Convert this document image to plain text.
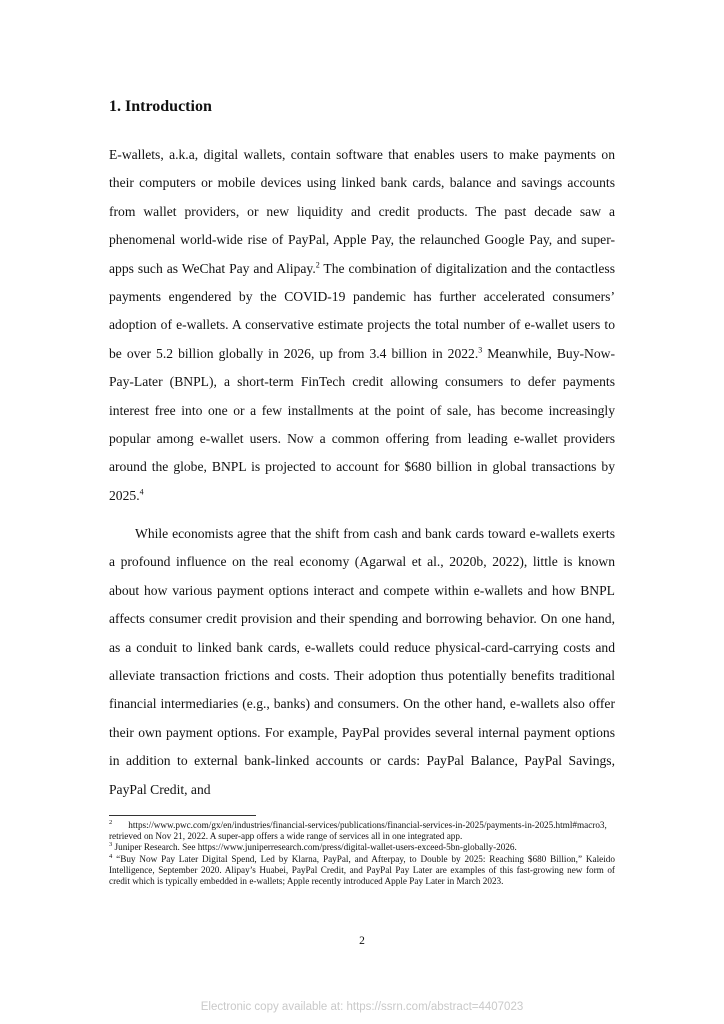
1. Introduction

E-wallets, a.k.a, digital wallets, contain software that enables users to make payments on their computers or mobile devices using linked bank cards, balance and savings accounts from wallet providers, or new liquidity and credit products. The past decade saw a phenomenal world-wide rise of PayPal, Apple Pay, the relaunched Google Pay, and super-apps such as WeChat Pay and Alipay.$^2$ The combination of digitalization and the contactless payments engendered by the COVID-19 pandemic has further accelerated consumers’ adoption of e-wallets. A conservative estimate projects the total number of e-wallet users to be over 5.2 billion globally in 2026, up from 3.4 billion in 2022.$^3$ Meanwhile, Buy-Now-Pay-Later (BNPL), a short-term FinTech credit allowing consumers to defer payments interest free into one or a few installments at the point of sale, has become increasingly popular among e-wallet users. Now a common offering from leading e-wallet providers around the globe, BNPL is projected to account for $680 billion in global transactions by 2025.$^4$

While economists agree that the shift from cash and bank cards toward e-wallets exerts a profound influence on the real economy (Agarwal et al., 2020b, 2022), little is known about how various payment options interact and compete within e-wallets and how BNPL affects consumer credit provision and their spending and borrowing behavior. On one hand, as a conduit to linked bank cards, e-wallets could reduce physical-card-carrying costs and alleviate transaction frictions and costs. Their adoption thus potentially benefits traditional financial intermediaries (e.g., banks) and consumers. On the other hand, e-wallets also offer their own payment options. For example, PayPal provides several internal payment options in addition to external bank-linked accounts or cards: PayPal Balance, PayPal Savings, PayPal Credit, and

$^2$ https://www.pwc.com/gx/en/industries/financial-services/publications/financial-services-in-2025/payments-in-2025.html#macro3, retrieved on Nov 21, 2022. A super-app offers a wide range of services all in one integrated app.

$^3$ Juniper Research. See https://www.juniperresearch.com/press/digital-wallet-users-exceed-5bn-globally-2026.

$^4$ “Buy Now Pay Later Digital Spend, Led by Klarna, PayPal, and Afterpay, to Double by 2025: Reaching $680 Billion,” Kaleido Intelligence, September 2020. Alipay’s Huabei, PayPal Credit, and PayPal Pay Later are examples of this fast-growing new form of credit which is typically embedded in e-wallets; Apple recently introduced Apple Pay Later in March 2023.

2

Electronic copy available at: https://ssrn.com/abstract=4407023
